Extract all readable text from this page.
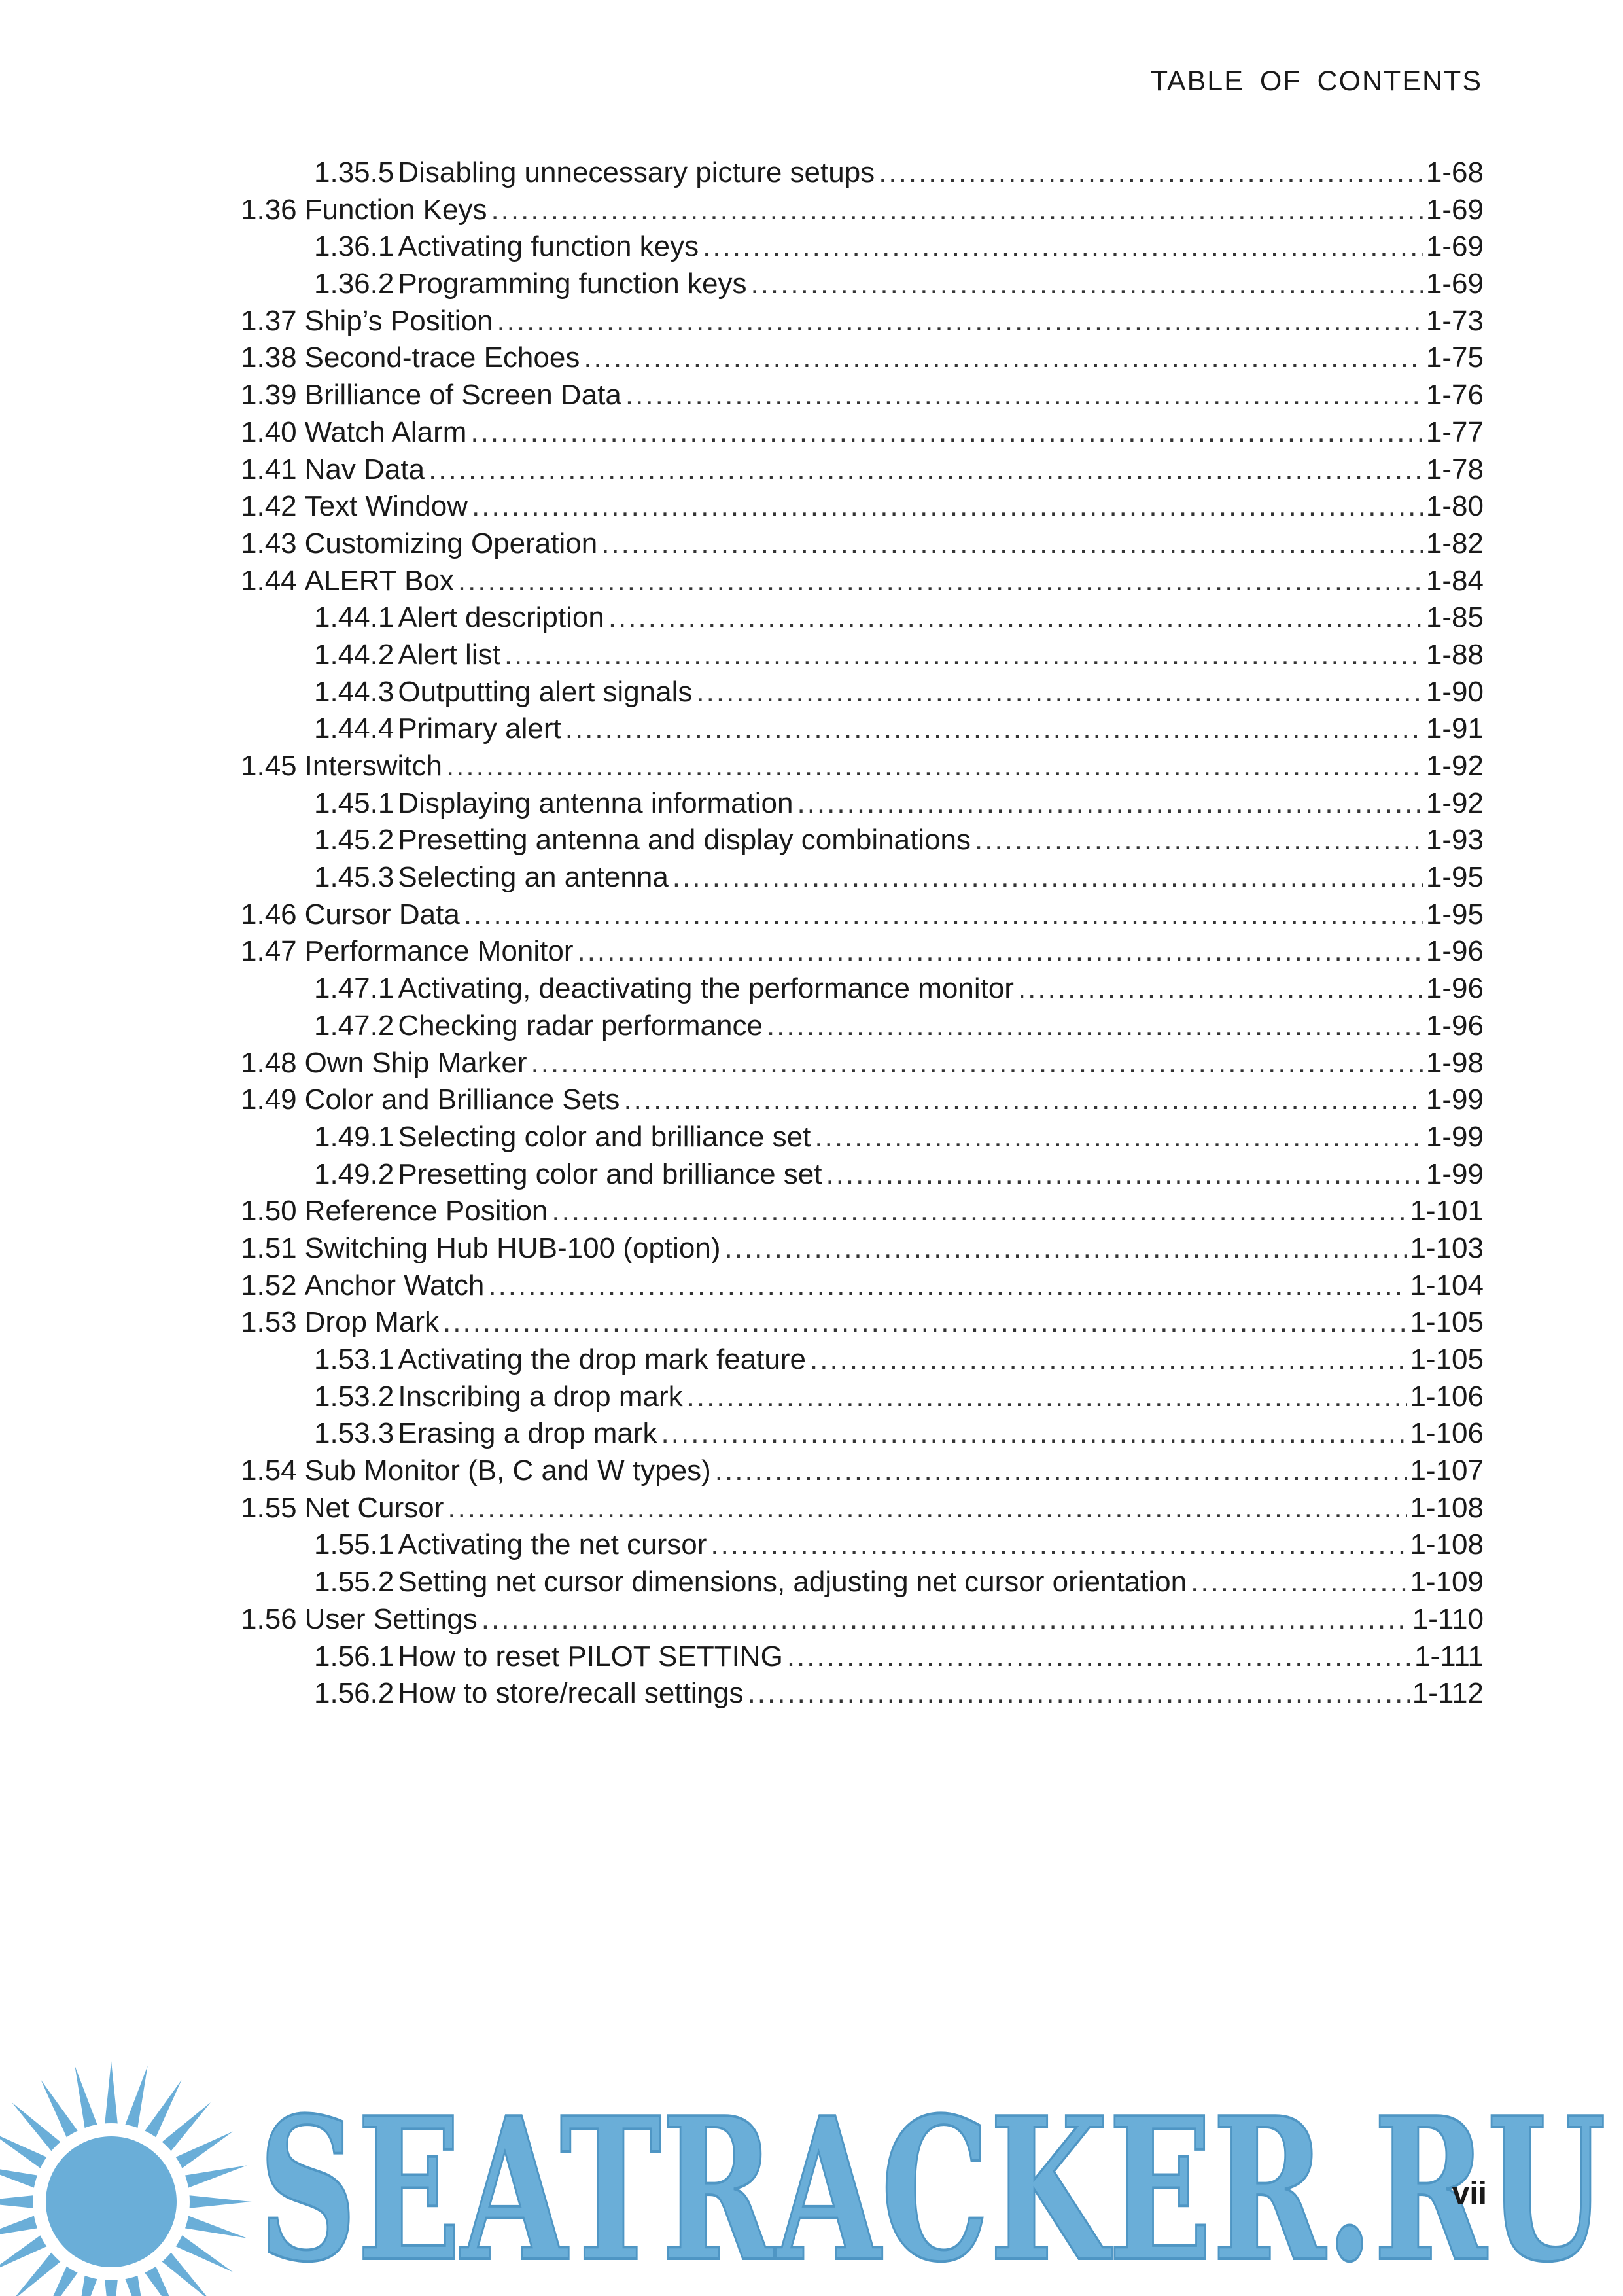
TABLE OF CONTENTS
1.35.5 Disabling unnecessary picture setups .....	1-68
1.36 Function Keys .....	1-69
1.36.1 Activating function keys .....	1-69
1.36.2 Programming function keys .....	1-69
1.37 Ship’s Position .....	1-73
1.38 Second-trace Echoes .....	1-75
1.39 Brilliance of Screen Data .....	1-76
1.40 Watch Alarm .....	1-77
1.41 Nav Data .....	1-78
1.42 Text Window .....	1-80
1.43 Customizing Operation .....	1-82
1.44 ALERT Box .....	1-84
1.44.1 Alert description .....	1-85
1.44.2 Alert list .....	1-88
1.44.3 Outputting alert signals .....	1-90
1.44.4 Primary alert .....	1-91
1.45 Interswitch .....	1-92
1.45.1 Displaying antenna information .....	1-92
1.45.2 Presetting antenna and display combinations .....	1-93
1.45.3 Selecting an antenna .....	1-95
1.46 Cursor Data .....	1-95
1.47 Performance Monitor .....	1-96
1.47.1 Activating, deactivating the performance monitor .....	1-96
1.47.2 Checking radar performance .....	1-96
1.48 Own Ship Marker .....	1-98
1.49 Color and Brilliance Sets .....	1-99
1.49.1 Selecting color and brilliance set .....	1-99
1.49.2 Presetting color and brilliance set .....	1-99
1.50 Reference Position .....	1-101
1.51 Switching Hub HUB-100 (option) .....	1-103
1.52 Anchor Watch .....	1-104
1.53 Drop Mark .....	1-105
1.53.1 Activating the drop mark feature .....	1-105
1.53.2 Inscribing a drop mark .....	1-106
1.53.3 Erasing a drop mark .....	1-106
1.54 Sub Monitor (B, C and W types) .....	1-107
1.55 Net Cursor .....	1-108
1.55.1 Activating the net cursor .....	1-108
1.55.2 Setting net cursor dimensions, adjusting net cursor orientation .....	1-109
1.56 User Settings .....	1-110
1.56.1 How to reset PILOT SETTING .....	1-111
1.56.2 How to store/recall settings .....	1-112
SEATRACKER.RU
vii
